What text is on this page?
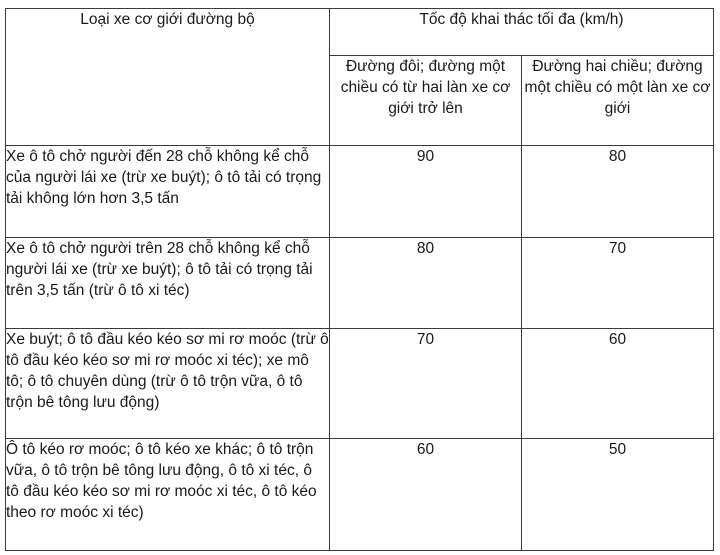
Loại xe cơ giới đường bộ	Tốc độ khai thác tối đa (km/h)	
	Đường đôi; đường một chiều có từ hai làn xe cơ giới trở lên	Đường hai chiều; đường một chiều có một làn xe cơ giới
Xe ô tô chở người đến 28 chỗ không kể chỗ của người lái xe (trừ xe buýt); ô tô tải có trọng tải không lớn hơn 3,5 tấn	90	80
Xe ô tô chở người trên 28 chỗ không kể chỗ người lái xe (trừ xe buýt); ô tô tải có trọng tải trên 3,5 tấn (trừ ô tô xi téc)	80	70
Xe buýt; ô tô đầu kéo kéo sơ mi rơ moóc (trừ ô tô đầu kéo kéo sơ mi rơ moóc xi téc); xe mô tô; ô tô chuyên dùng (trừ ô tô trộn vữa, ô tô trộn bê tông lưu động)	70	60
Ô tô kéo rơ moóc; ô tô kéo xe khác; ô tô trộn vữa, ô tô trộn bê tông lưu động, ô tô xi téc, ô tô đầu kéo kéo sơ mi rơ moóc xi téc, ô tô kéo theo rơ moóc xi téc)	60	50
